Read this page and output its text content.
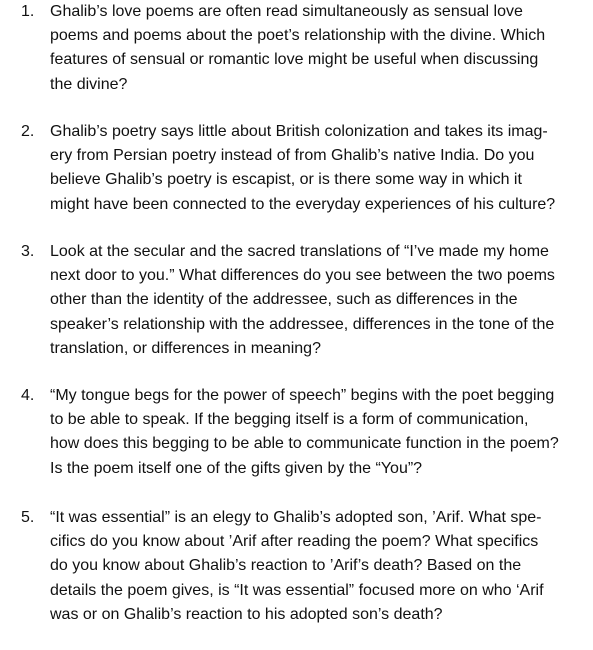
1. Ghalib’s love poems are often read simultaneously as sensual love
poems and poems about the poet’s relationship with the divine. Which
features of sensual or romantic love might be useful when discussing
the divine?
2. Ghalib’s poetry says little about British colonization and takes its imag-
ery from Persian poetry instead of from Ghalib’s native India. Do you
believe Ghalib’s poetry is escapist, or is there some way in which it
might have been connected to the everyday experiences of his culture?
3. Look at the secular and the sacred translations of “I’ve made my home
next door to you.” What differences do you see between the two poems
other than the identity of the addressee, such as differences in the
speaker’s relationship with the addressee, differences in the tone of the
translation, or differences in meaning?
4. “My tongue begs for the power of speech” begins with the poet begging
to be able to speak. If the begging itself is a form of communication,
how does this begging to be able to communicate function in the poem?
Is the poem itself one of the gifts given by the “You”?
5. “It was essential” is an elegy to Ghalib’s adopted son, ’Arif. What spe-
cifics do you know about ’Arif after reading the poem? What specifics
do you know about Ghalib’s reaction to ’Arif’s death? Based on the
details the poem gives, is “It was essential” focused more on who ‘Arif
was or on Ghalib’s reaction to his adopted son’s death?
